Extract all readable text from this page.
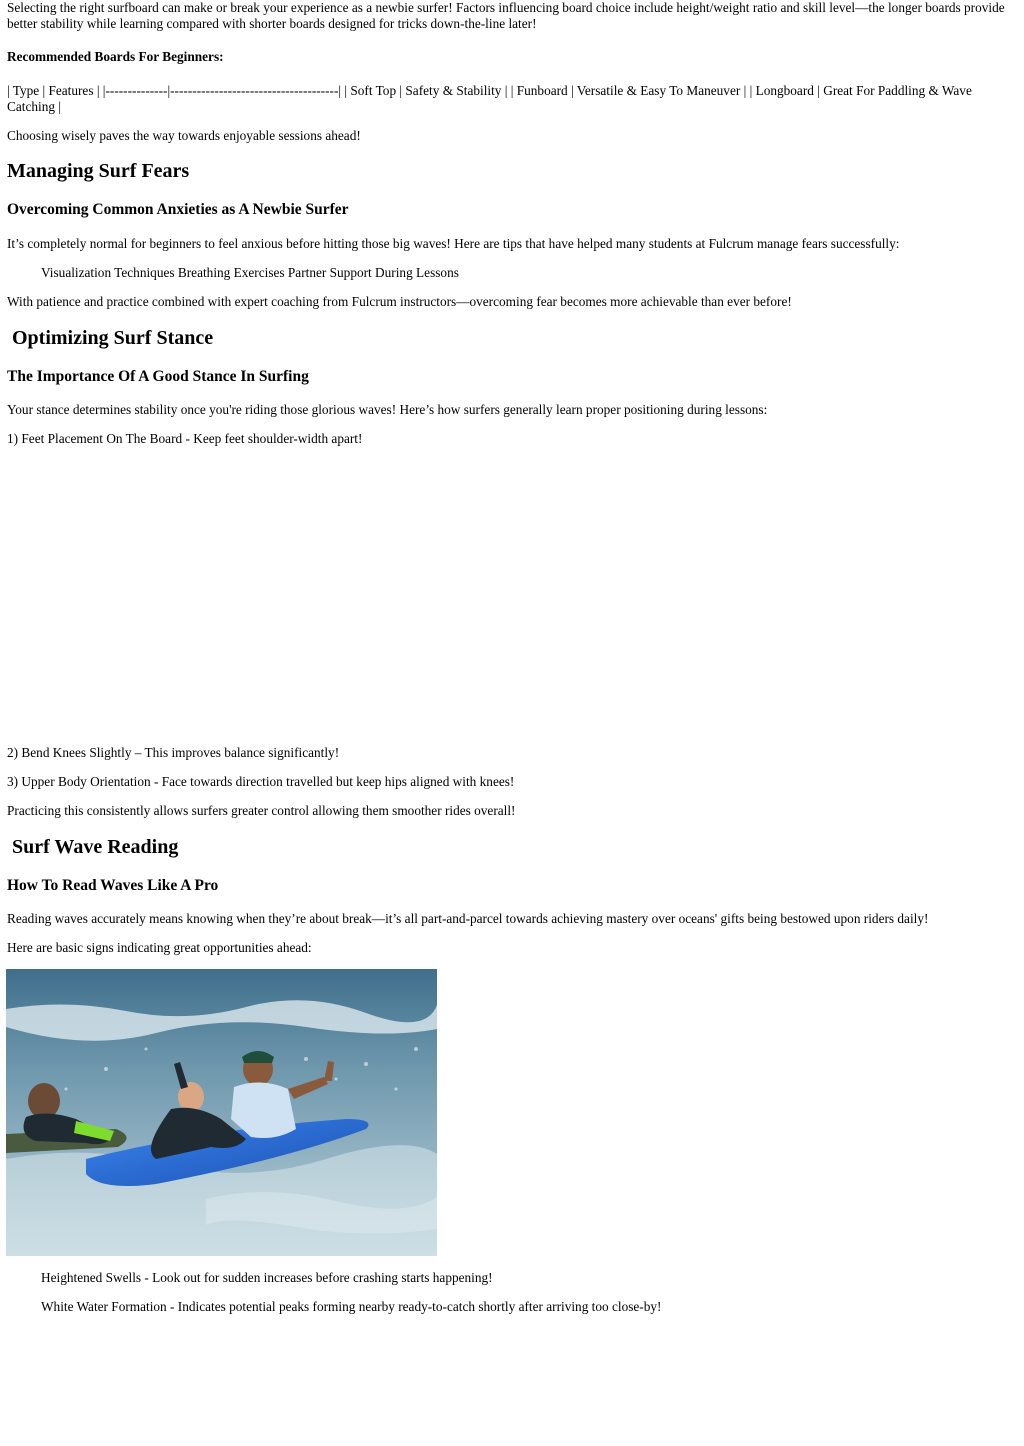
Selecting the right surfboard can make or break your experience as a newbie surfer! Factors influencing board choice include height/weight ratio and skill level—the longer boards provide better stability while learning compared with shorter boards designed for tricks down-the-line later!

Recommended Boards For Beginners:

| Type | Features | |--------------|--------------------------------------| | Soft Top | Safety & Stability | | Funboard | Versatile & Easy To Maneuver | | Longboard | Great For Paddling & Wave Catching |

Choosing wisely paves the way towards enjoyable sessions ahead!

Managing Surf Fears
Overcoming Common Anxieties as A Newbie Surfer

It’s completely normal for beginners to feel anxious before hitting those big waves! Here are tips that have helped many students at Fulcrum manage fears successfully:

Visualization Techniques Breathing Exercises Partner Support During Lessons

With patience and practice combined with expert coaching from Fulcrum instructors—overcoming fear becomes more achievable than ever before!

Optimizing Surf Stance
The Importance Of A Good Stance In Surfing

Your stance determines stability once you're riding those glorious waves! Here’s how surfers generally learn proper positioning during lessons:

1) Feet Placement On The Board - Keep feet shoulder-width apart!

2) Bend Knees Slightly – This improves balance significantly!

3) Upper Body Orientation - Face towards direction travelled but keep hips aligned with knees!

Practicing this consistently allows surfers greater control allowing them smoother rides overall!

Surf Wave Reading
How To Read Waves Like A Pro

Reading waves accurately means knowing when they’re about break—it’s all part-and-parcel towards achieving mastery over oceans' gifts being bestowed upon riders daily!

Here are basic signs indicating great opportunities ahead:

Heightened Swells - Look out for sudden increases before crashing starts happening!

White Water Formation - Indicates potential peaks forming nearby ready-to-catch shortly after arriving too close-by!
